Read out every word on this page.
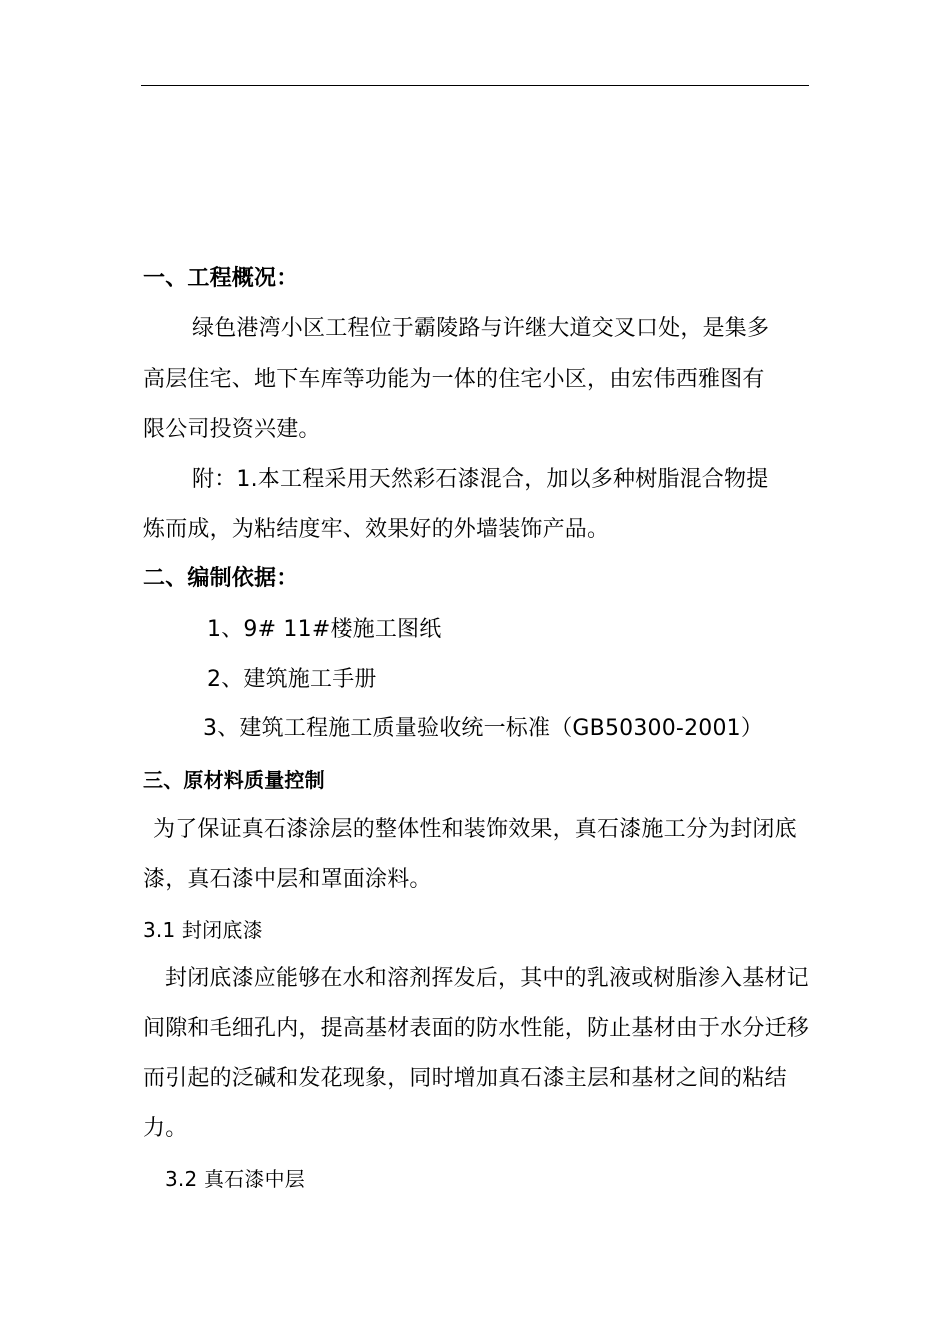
一、工程概况：

绿色港湾小区工程位于霸陵路与许继大道交叉口处，是集多

高层住宅、地下车库等功能为一体的住宅小区，由宏伟西雅图有

限公司投资兴建。

附：1.本工程采用天然彩石漆混合，加以多种树脂混合物提

炼而成，为粘结度牢、效果好的外墙装饰产品。

二、编制依据：

1、9# 11#楼施工图纸

2、建筑施工手册

3、建筑工程施工质量验收统一标准（GB50300-2001）

三、原材料质量控制

为了保证真石漆涂层的整体性和装饰效果，真石漆施工分为封闭底

漆，真石漆中层和罩面涂料。

3.1 封闭底漆

封闭底漆应能够在水和溶剂挥发后，其中的乳液或树脂渗入基材记

间隙和毛细孔内，提高基材表面的防水性能，防止基材由于水分迁移

而引起的泛碱和发花现象，同时增加真石漆主层和基材之间的粘结

力。

3.2 真石漆中层
